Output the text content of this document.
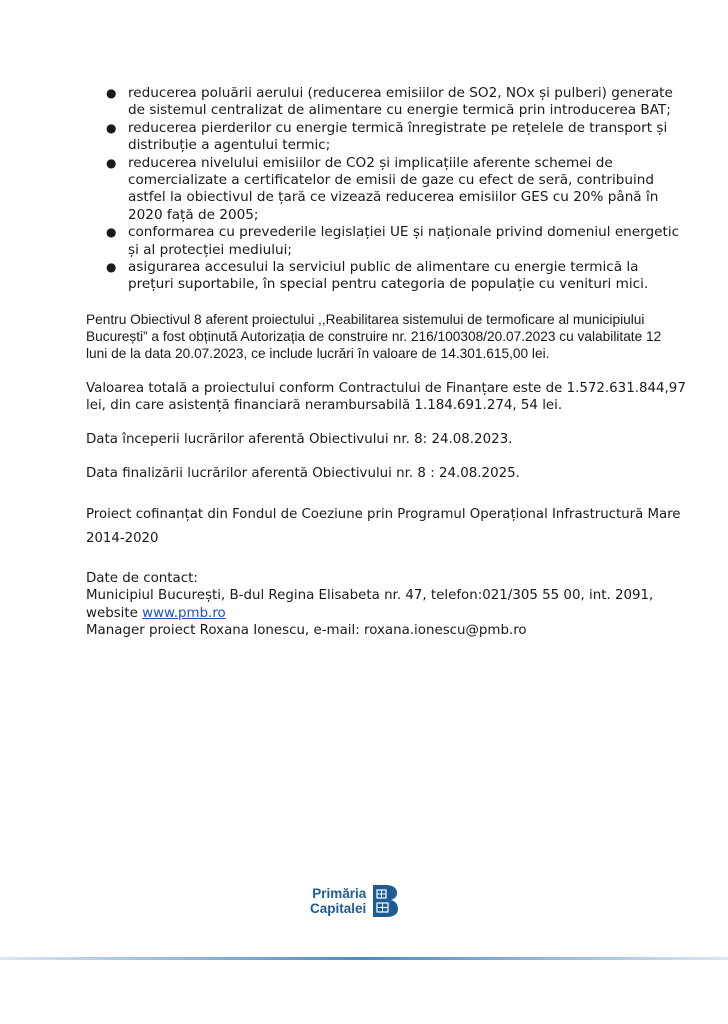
● reducerea poluării aerului (reducerea emisiilor de SO2, NOx și pulberi) generate de sistemul centralizat de alimentare cu energie termică prin introducerea BAT;
● reducerea pierderilor cu energie termică înregistrate pe rețelele de transport și distribuție a agentului termic;
● reducerea nivelului emisiilor de CO2 și implicațiile aferente schemei de comercializate a certificatelor de emisii de gaze cu efect de seră, contribuind astfel la obiectivul de țară ce vizează reducerea emisiilor GES cu 20% până în 2020 față de 2005;
● conformarea cu prevederile legislației UE și naționale privind domeniul energetic și al protecției mediului;
● asigurarea accesului la serviciul public de alimentare cu energie termică la prețuri suportabile, în special pentru categoria de populație cu venituri mici.

Pentru Obiectivul 8 aferent proiectului ,,Reabilitarea sistemului de termoficare al municipiului București” a fost obținută Autorizația de construire nr. 216/100308/20.07.2023 cu valabilitate 12 luni de la data 20.07.2023, ce include lucrări în valoare de 14.301.615,00 lei.

Valoarea totală a proiectului conform Contractului de Finanțare este de 1.572.631.844,97 lei, din care asistență financiară nerambursabilă 1.184.691.274, 54 lei.

Data începerii lucrărilor aferentă Obiectivului nr. 8: 24.08.2023.

Data finalizării lucrărilor aferentă Obiectivului nr. 8 : 24.08.2025.

Proiect cofinanțat din Fondul de Coeziune prin Programul Operațional Infrastructură Mare 2014-2020

Date de contact:
Municipiul București, B-dul Regina Elisabeta nr. 47, telefon:021/305 55 00, int. 2091, website www.pmb.ro
Manager proiect Roxana Ionescu, e-mail: roxana.ionescu@pmb.ro
Primăria
Capitalei
